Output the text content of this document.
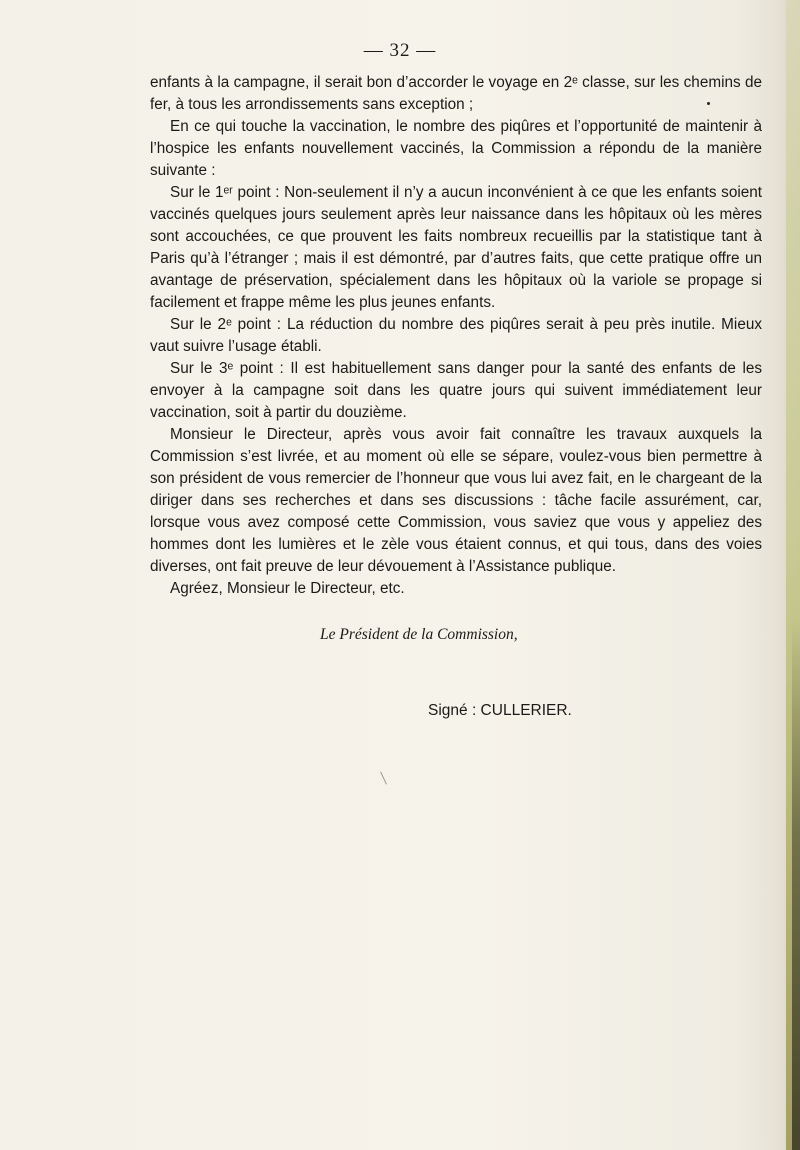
— 32 —

enfants à la campagne, il serait bon d’accorder le voyage en 2ᵉ classe, sur les chemins de fer, à tous les arrondissements sans exception ;

En ce qui touche la vaccination, le nombre des piqûres et l’opportunité de maintenir à l’hospice les enfants nouvellement vaccinés, la Commission a répondu de la manière suivante :

Sur le 1ᵉʳ point : Non-seulement il n’y a aucun inconvénient à ce que les enfants soient vaccinés quelques jours seulement après leur naissance dans les hôpitaux où les mères sont accouchées, ce que prouvent les faits nombreux recueillis par la statistique tant à Paris qu’à l’étranger ; mais il est démontré, par d’autres faits, que cette pratique offre un avantage de préservation, spécialement dans les hôpitaux où la variole se propage si facilement et frappe même les plus jeunes enfants.

Sur le 2ᵉ point : La réduction du nombre des piqûres serait à peu près inutile. Mieux vaut suivre l’usage établi.

Sur le 3ᵉ point : Il est habituellement sans danger pour la santé des enfants de les envoyer à la campagne soit dans les quatre jours qui suivent immédiatement leur vaccination, soit à partir du douzième.

Monsieur le Directeur, après vous avoir fait connaître les travaux auxquels la Commission s’est livrée, et au moment où elle se sépare, voulez-vous bien permettre à son président de vous remercier de l’honneur que vous lui avez fait, en le chargeant de la diriger dans ses recherches et dans ses discussions : tâche facile assurément, car, lorsque vous avez composé cette Commission, vous saviez que vous y appeliez des hommes dont les lumières et le zèle vous étaient connus, et qui tous, dans des voies diverses, ont fait preuve de leur dévouement à l’Assistance publique.

Agréez, Monsieur le Directeur, etc.

Le Président de la Commission,
Signé : CULLERIER.
